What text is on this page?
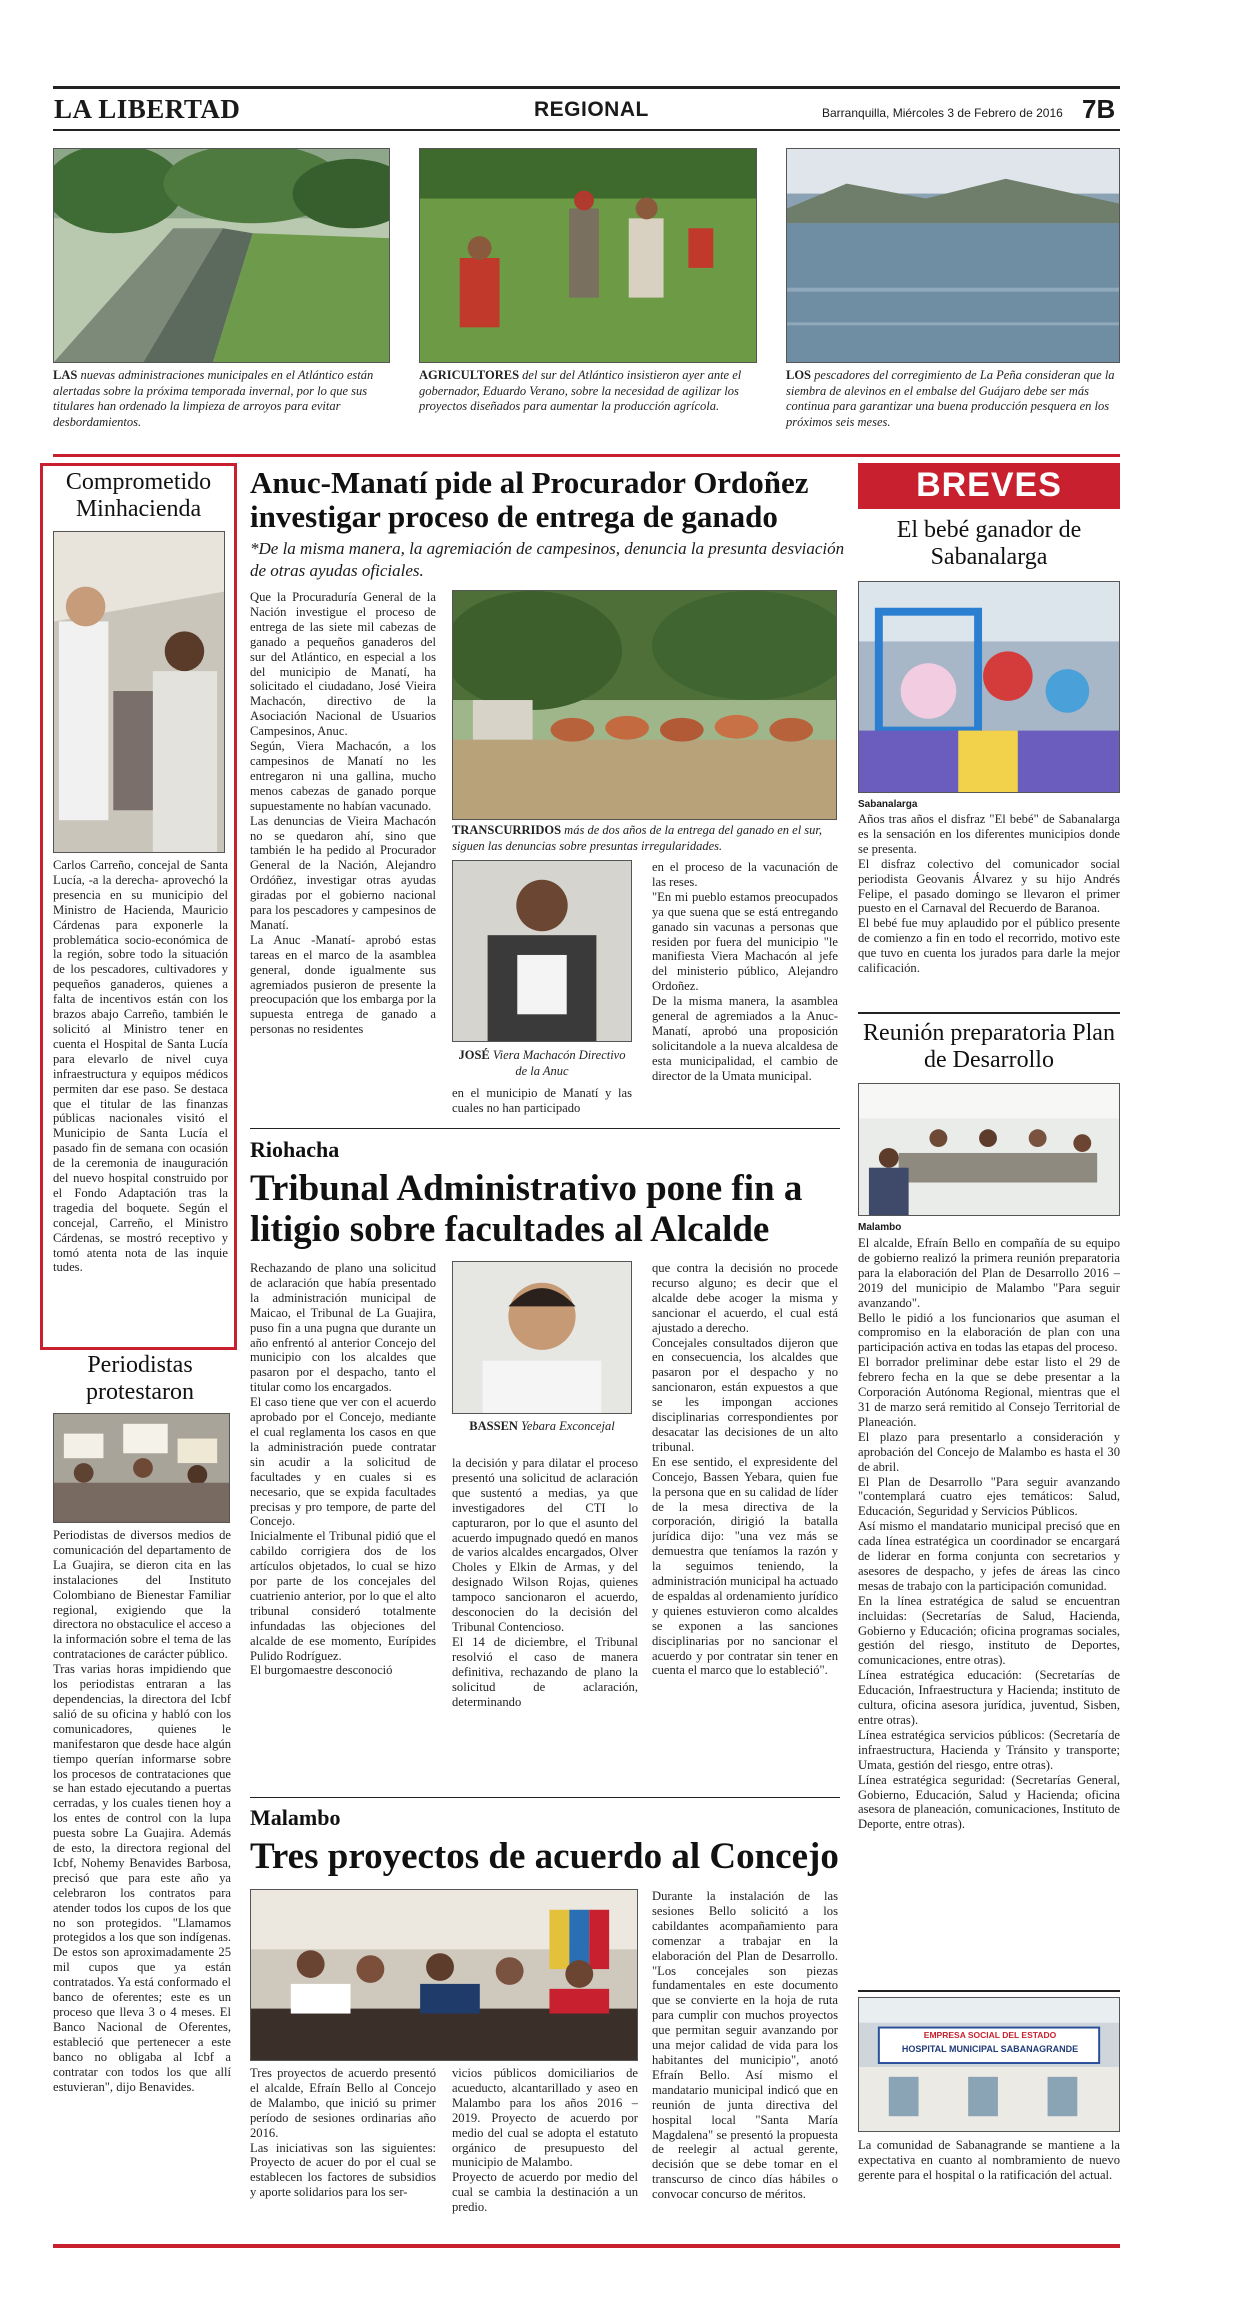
LA LIBERTAD	REGIONAL	Barranquilla, Miércoles 3 de Febrero de 2016 7B
LAS nuevas administraciones municipales en el Atlántico están alertadas sobre la próxima temporada invernal, por lo que sus titulares han ordenado la limpieza de arroyos para evitar desbordamientos.
AGRICULTORES del sur del Atlántico insistieron ayer ante el gobernador, Eduardo Verano, sobre la necesidad de agilizar los proyectos diseñados para aumentar la producción agrícola.
LOS pescadores del corregimiento de La Peña consideran que la siembra de alevinos en el embalse del Guájaro debe ser más continua para garantizar una buena producción pesquera en los próximos seis meses.
Comprometido Minhacienda
Carlos Carreño, concejal de Santa Lucía, -a la derecha- aprovechó la presencia en su municipio del Ministro de Hacienda, Mauricio Cárdenas para exponerle la problemática socio-económica de la región, sobre todo la situación de los pescadores, cultivadores y pequeños ganaderos, quienes a falta de incentivos están con los brazos abajo Carreño, también le solicitó al Ministro tener en cuenta el Hospital de Santa Lucía para elevarlo de nivel cuya infraestructura y equipos médicos permiten dar ese paso. Se destaca que el titular de las finanzas públicas nacionales visitó el Municipio de Santa Lucía el pasado fin de semana con ocasión de la ceremonia de inauguración del nuevo hospital construido por el Fondo Adaptación tras la tragedia del boquete. Según el concejal, Carreño, el Ministro Cárdenas, se mostró receptivo y tomó atenta nota de las inquie tudes.
Periodistas protestaron
Periodistas de diversos medios de comunicación del departamento de La Guajira, se dieron cita en las instalaciones del Instituto Colombiano de Bienestar Familiar regional, exigiendo que la directora no obstaculice el acceso a la información sobre el tema de las contrataciones de carácter público.
Tras varias horas impidiendo que los periodistas entraran a las dependencias, la directora del Icbf salió de su oficina y habló con los comunicadores, quienes le manifestaron que desde hace algún tiempo querían informarse sobre los procesos de contrataciones que se han estado ejecutando a puertas cerradas, y los cuales tienen hoy a los entes de control con la lupa puesta sobre La Guajira. Además de esto, la directora regional del Icbf, Nohemy Benavides Barbosa, precisó que para este año ya celebraron los contratos para atender todos los cupos de los que no son protegidos. "Llamamos protegidos a los que son indígenas. De estos son aproximadamente 25 mil cupos que ya están contratados. Ya está conformado el banco de oferentes; este es un proceso que lleva 3 o 4 meses. El Banco Nacional de Oferentes, estableció que pertenecer a este banco no obligaba al Icbf a contratar con todos los que allí estuvieran", dijo Benavides.
Anuc-Manatí pide al Procurador Ordoñez investigar proceso de entrega de ganado
*De la misma manera, la agremiación de campesinos, denuncia la presunta desviación de otras ayudas oficiales.
Que la Procuraduría General de la Nación investigue el proceso de entrega de las siete mil cabezas de ganado a pequeños ganaderos del sur del Atlántico, en especial a los del municipio de Manatí, ha solicitado el ciudadano, José Vieira Machacón, directivo de la Asociación Nacional de Usuarios Campesinos, Anuc.
Según, Viera Machacón, a los campesinos de Manatí no les entregaron ni una gallina, mucho menos cabezas de ganado porque supuestamente no habían vacunado.
Las denuncias de Vieira Machacón no se quedaron ahí, sino que también le ha pedido al Procurador General de la Nación, Alejandro Ordóñez, investigar otras ayudas giradas por el gobierno nacional para los pescadores y campesinos de Manatí.
La Anuc -Manatí- aprobó estas tareas en el marco de la asamblea general, donde igualmente sus agremiados pusieron de presente la preocupación que los embarga por la supuesta entrega de ganado a personas no residentes
TRANSCURRIDOS más de dos años de la entrega del ganado en el sur, siguen las denuncias sobre presuntas irregularidades.
JOSÉ Viera Machacón Directivo de la Anuc
en el municipio de Manatí y las cuales no han participado
en el proceso de la vacunación de las reses.
"En mi pueblo estamos preocupados ya que suena que se está entregando ganado sin vacunas a personas que residen por fuera del municipio "le manifiesta Viera Machacón al jefe del ministerio público, Alejandro Ordoñez.
De la misma manera, la asamblea general de agremiados a la Anuc-Manatí, aprobó una proposición solicitandole a la nueva alcaldesa de esta municipalidad, el cambio de director de la Umata municipal.
Riohacha
Tribunal Administrativo pone fin a litigio sobre facultades al Alcalde
Rechazando de plano una solicitud de aclaración que había presentado la administración municipal de Maicao, el Tribunal de La Guajira, puso fin a una pugna que durante un año enfrentó al anterior Concejo del municipio con los alcaldes que pasaron por el despacho, tanto el titular como los encargados.
El caso tiene que ver con el acuerdo aprobado por el Concejo, mediante el cual reglamenta los casos en que la administración puede contratar sin acudir a la solicitud de facultades y en cuales si es necesario, que se expida facultades precisas y pro tempore, de parte del Concejo.
Inicialmente el Tribunal pidió que el cabildo corrigiera dos de los artículos objetados, lo cual se hizo por parte de los concejales del cuatrienio anterior, por lo que el alto tribunal consideró totalmente infundadas las objeciones del alcalde de ese momento, Eurípides Pulido Rodríguez.
El burgomaestre desconoció
BASSEN Yebara Exconcejal
la decisión y para dilatar el proceso presentó una solicitud de aclaración que sustentó a medias, ya que investigadores del CTI lo capturaron, por lo que el asunto del acuerdo impugnado quedó en manos de varios alcaldes encargados, Olver Choles y Elkin de Armas, y del designado Wilson Rojas, quienes tampoco sancionaron el acuerdo, desconocien do la decisión del Tribunal Contencioso.
El 14 de diciembre, el Tribunal resolvió el caso de manera definitiva, rechazando de plano la solicitud de aclaración, determinando
que contra la decisión no procede recurso alguno; es decir que el alcalde debe acoger la misma y sancionar el acuerdo, el cual está ajustado a derecho.
Concejales consultados dijeron que en consecuencia, los alcaldes que pasaron por el despacho y no sancionaron, están expuestos a que se les impongan acciones disciplinarias correspondientes por desacatar las decisiones de un alto tribunal.
En ese sentido, el expresidente del Concejo, Bassen Yebara, quien fue la persona que en su calidad de líder de la mesa directiva de la corporación, dirigió la batalla jurídica dijo: "una vez más se demuestra que teníamos la razón y la seguimos teniendo, la administración municipal ha actuado de espaldas al ordenamiento jurídico y quienes estuvieron como alcaldes se exponen a las sanciones disciplinarias por no sancionar el acuerdo y por contratar sin tener en cuenta el marco que lo estableció".
Malambo
Tres proyectos de acuerdo al Concejo
Tres proyectos de acuerdo presentó el alcalde, Efraín Bello al Concejo de Malambo, que inició su primer período de sesiones ordinarias año 2016.
Las iniciativas son las siguientes: Proyecto de acuer do por el cual se establecen los factores de subsidios y aporte solidarios para los ser-
vicios públicos domiciliarios de acueducto, alcantarillado y aseo en Malambo para los años 2016 – 2019. Proyecto de acuerdo por medio del cual se adopta el estatuto orgánico de presupuesto del municipio de Malambo.
Proyecto de acuerdo por medio del cual se cambia la destinación a un predio.
Durante la instalación de las sesiones Bello solicitó a los cabildantes acompañamiento para comenzar a trabajar en la elaboración del Plan de Desarrollo. "Los concejales son piezas fundamentales en este documento que se convierte en la hoja de ruta para cumplir con muchos proyectos que permitan seguir avanzando por una mejor calidad de vida para los habitantes del municipio", anotó Efraín Bello. Así mismo el mandatario municipal indicó que en reunión de junta directiva del hospital local "Santa María Magdalena" se presentó la propuesta de reelegir al actual gerente, decisión que se debe tomar en el transcurso de cinco días hábiles o convocar concurso de méritos.
BREVES
El bebé ganador de Sabanalarga
Sabanalarga
Años tras años el disfraz "El bebé" de Sabanalarga es la sensación en los diferentes municipios donde se presenta.
El disfraz colectivo del comunicador social periodista Geovanis Álvarez y su hijo Andrés Felipe, el pasado domingo se llevaron el primer puesto en el Carnaval del Recuerdo de Baranoa.
El bebé fue muy aplaudido por el público presente de comienzo a fin en todo el recorrido, motivo este que tuvo en cuenta los jurados para darle la mejor calificación.
Reunión preparatoria Plan de Desarrollo
Malambo
El alcalde, Efraín Bello en compañía de su equipo de gobierno realizó la primera reunión preparatoria para la elaboración del Plan de Desarrollo 2016 – 2019 del municipio de Malambo "Para seguir avanzando".
Bello le pidió a los funcionarios que asuman el compromiso en la elaboración de plan con una participación activa en todas las etapas del proceso.
El borrador preliminar debe estar listo el 29 de febrero fecha en la que se debe presentar a la Corporación Autónoma Regional, mientras que el 31 de marzo será remitido al Consejo Territorial de Planeación.
El plazo para presentarlo a consideración y aprobación del Concejo de Malambo es hasta el 30 de abril.
El Plan de Desarrollo "Para seguir avanzando "contemplará cuatro ejes temáticos: Salud, Educación, Seguridad y Servicios Públicos.
Así mismo el mandatario municipal precisó que en cada línea estratégica un coordinador se encargará de liderar en forma conjunta con secretarios y asesores de despacho, y jefes de áreas las cinco mesas de trabajo con la participación comunidad.
En la línea estratégica de salud se encuentran incluidas: (Secretarías de Salud, Hacienda, Gobierno y Educación; oficina programas sociales, gestión del riesgo, instituto de Deportes, comunicaciones, entre otras).
Línea estratégica educación: (Secretarías de Educación, Infraestructura y Hacienda; instituto de cultura, oficina asesora jurídica, juventud, Sisben, entre otras).
Línea estratégica servicios públicos: (Secretaría de infraestructura, Hacienda y Tránsito y transporte; Umata, gestión del riesgo, entre otras).
Línea estratégica seguridad: (Secretarías General, Gobierno, Educación, Salud y Hacienda; oficina asesora de planeación, comunicaciones, Instituto de Deporte, entre otras).
EMPRESA SOCIAL DEL ESTADO
HOSPITAL MUNICIPAL SABANAGRANDE
La comunidad de Sabanagrande se mantiene a la expectativa en cuanto al nombramiento de nuevo gerente para el hospital o la ratificación del actual.
